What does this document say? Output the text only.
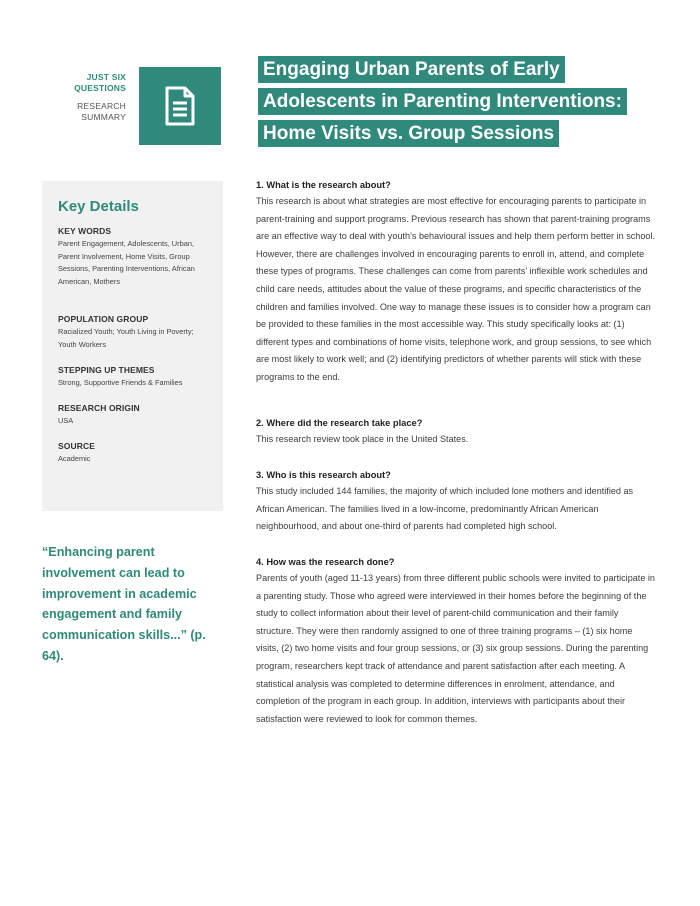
JUST SIX
QUESTIONS
RESEARCH
SUMMARY
Engaging Urban Parents of Early
Adolescents in Parenting Interventions:
Home Visits vs. Group Sessions
Key Details
KEY WORDS
Parent Engagement, Adolescents, Urban, Parent Involvement, Home Visits, Group Sessions, Parenting Interventions, African American, Mothers
POPULATION GROUP
Racialized Youth; Youth Living in Poverty; Youth Workers
STEPPING UP THEMES
Strong, Supportive Friends & Families
RESEARCH ORIGIN
USA
SOURCE
Academic
“Enhancing parent involvement can lead to improvement in academic engagement and family communication skills...” (p. 64).
1. What is the research about?
This research is about what strategies are most effective for encouraging parents to participate in parent-training and support programs. Previous research has shown that parent-training programs are an effective way to deal with youth’s behavioural issues and help them perform better in school. However, there are challenges involved in encouraging parents to enroll in, attend, and complete these types of programs. These challenges can come from parents’ inflexible work schedules and child care needs, attitudes about the value of these programs, and specific characteristics of the children and families involved. One way to manage these issues is to consider how a program can be provided to these families in the most accessible way. This study specifically looks at: (1) different types and combinations of home visits, telephone work, and group sessions, to see which are most likely to work well; and (2) identifying predictors of whether parents will stick with these programs to the end.
2. Where did the research take place?
This research review took place in the United States.
3. Who is this research about?
This study included 144 families, the majority of which included lone mothers and identified as African American. The families lived in a low-income, predominantly African American neighbourhood, and about one-third of parents had completed high school.
4. How was the research done?
Parents of youth (aged 11-13 years) from three different public schools were invited to participate in a parenting study. Those who agreed were interviewed in their homes before the beginning of the study to collect information about their level of parent-child communication and their family structure. They were then randomly assigned to one of three training programs – (1) six home visits, (2) two home visits and four group sessions, or (3) six group sessions. During the parenting program, researchers kept track of attendance and parent satisfaction after each meeting. A statistical analysis was completed to determine differences in enrolment, attendance, and completion of the program in each group. In addition, interviews with participants about their satisfaction were reviewed to look for common themes.
